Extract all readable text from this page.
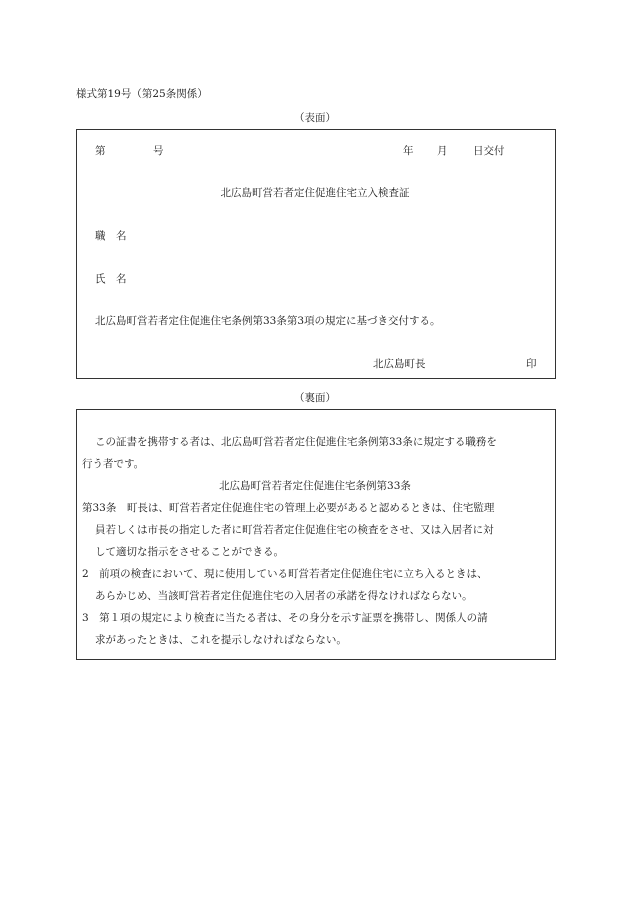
様式第19号（第25条関係）
（表面）
第	号	年 月 日交付
北広島町営若者定住促進住宅立入検査証
職　名
氏　名
北広島町営若者定住促進住宅条例第33条第3項の規定に基づき交付する。
北広島町長	印
（裏面）
この証書を携帯する者は、北広島町営若者定住促進住宅条例第33条に規定する職務を
行う者です。
北広島町営若者定住促進住宅条例第33条
第33条　町長は、町営若者定住促進住宅の管理上必要があると認めるときは、住宅監理
員若しくは市長の指定した者に町営若者定住促進住宅の検査をさせ、又は入居者に対
して適切な指示をさせることができる。
2　前項の検査において、現に使用している町営若者定住促進住宅に立ち入るときは、
あらかじめ、当該町営若者定住促進住宅の入居者の承諾を得なければならない。
3　第１項の規定により検査に当たる者は、その身分を示す証票を携帯し、関係人の請
求があったときは、これを提示しなければならない。
